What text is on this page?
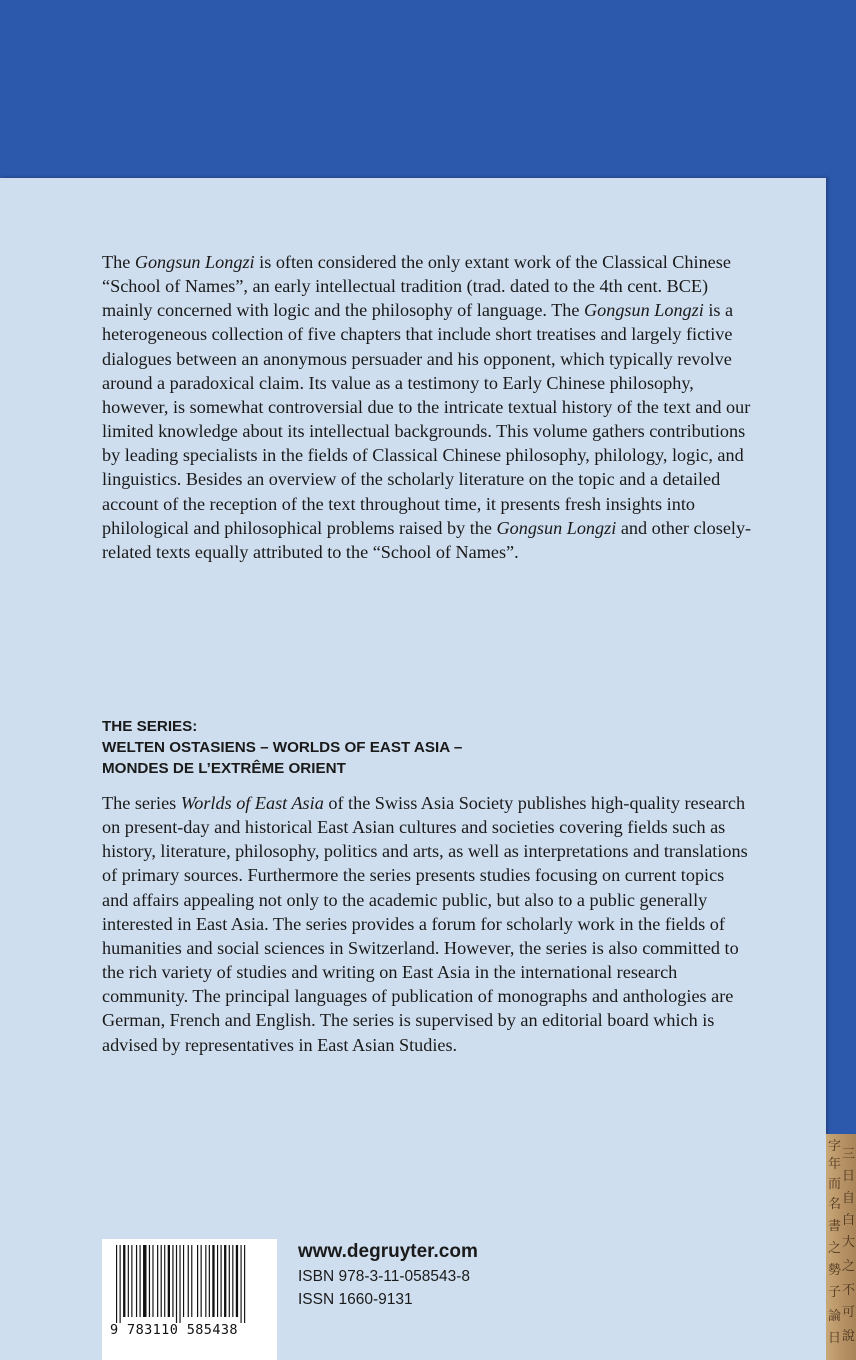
The Gongsun Longzi is often considered the only extant work of the Classical Chinese “School of Names”, an early intellectual tradition (trad. dated to the 4th cent. BCE) mainly concerned with logic and the philosophy of language. The Gongsun Longzi is a heterogeneous collection of five chapters that include short treatises and largely fictive dialogues between an anonymous persuader and his opponent, which typically revolve around a paradoxical claim. Its value as a testimony to Early Chinese philosophy, however, is somewhat controversial due to the intricate textual history of the text and our limited knowledge about its intellectual backgrounds. This volume gathers contributions by leading specialists in the fields of Classical Chinese philosophy, philology, logic, and linguistics. Besides an overview of the scholarly literature on the topic and a detailed account of the reception of the text throughout time, it presents fresh insights into philological and philosophical problems raised by the Gongsun Longzi and other closely-related texts equally attributed to the “School of Names”.

THE SERIES:
WELTEN OSTASIENS – WORLDS OF EAST ASIA –
MONDES DE L’EXTRÊME ORIENT

The series Worlds of East Asia of the Swiss Asia Society publishes high-quality research on present-day and historical East Asian cultures and societies covering fields such as history, literature, philosophy, politics and arts, as well as interpretations and translations of primary sources. Furthermore the series presents studies focusing on current topics and affairs appealing not only to the academic public, but also to a public generally interested in East Asia. The series provides a forum for scholarly work in the fields of humanities and social sciences in Switzerland. However, the series is also committed to the rich variety of studies and writing on East Asia in the international research community. The principal languages of publication of monographs and anthologies are German, French and English. The series is supervised by an editorial board which is advised by representatives in East Asian Studies.

字
年
而
名
書
之
勢
子
論
日
三
日
自
白
大
之
不
可
說
9 783110 585438
www.degruyter.com
ISBN 978-3-11-058543-8
ISSN 1660-9131
